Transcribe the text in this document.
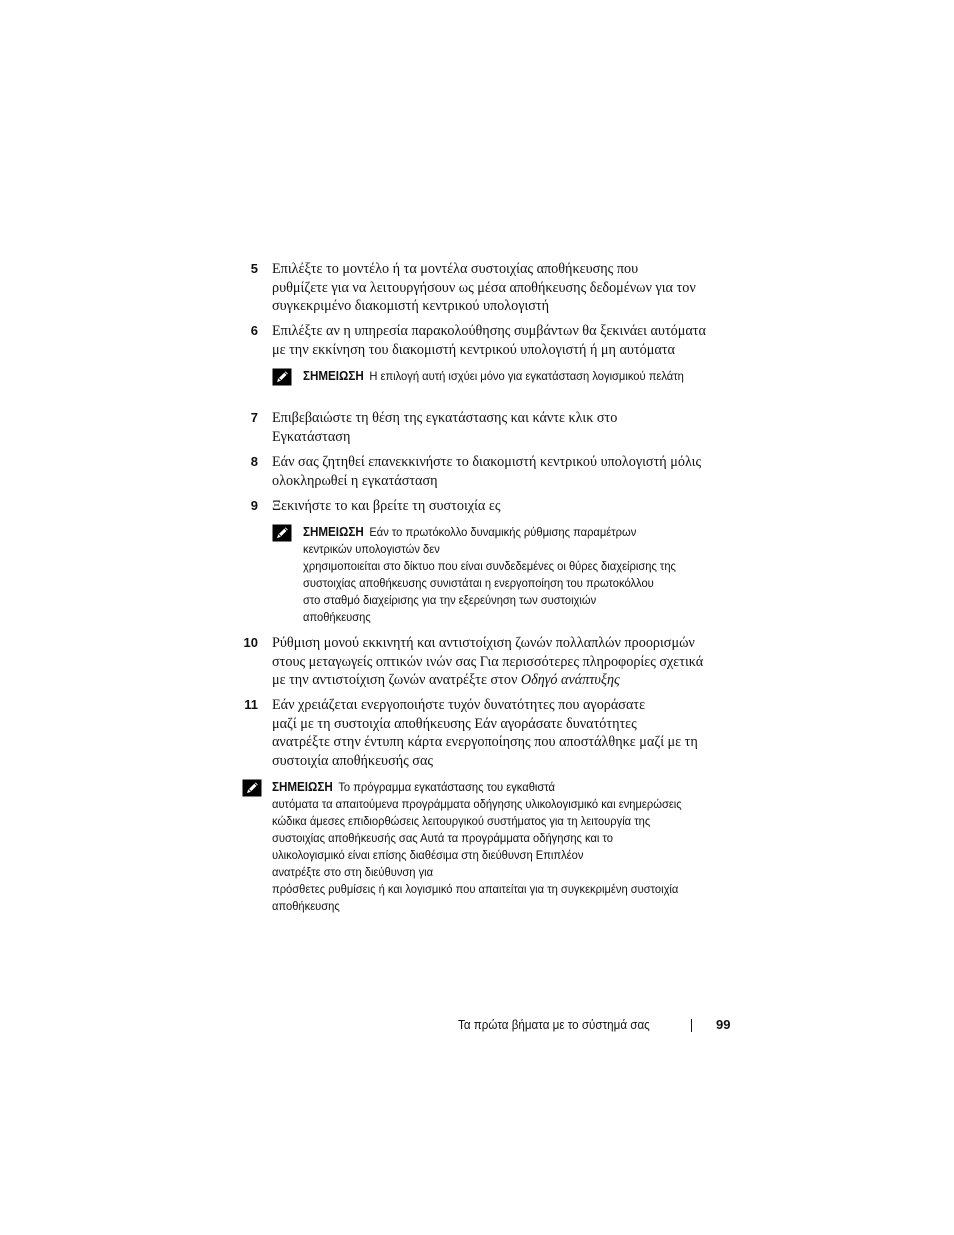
5 Επιλέξτε το μοντέλο ή τα μοντέλα συστοιχίας αποθήκευσης που
ρυθμίζετε για να λειτουργήσουν ως μέσα αποθήκευσης δεδομένων για τον
συγκεκριμένο διακομιστή κεντρικού υπολογιστή
6 Επιλέξτε αν η υπηρεσία παρακολούθησης συμβάντων θα ξεκινάει αυτόματα
με την εκκίνηση του διακομιστή κεντρικού υπολογιστή ή μη αυτόματα
ΣΗΜΕΙΩΣΗ Η επιλογή αυτή ισχύει μόνο για εγκατάσταση λογισμικού πελάτη
7 Επιβεβαιώστε τη θέση της εγκατάστασης και κάντε κλικ στο
Εγκατάσταση
8 Εάν σας ζητηθεί επανεκκινήστε το διακομιστή κεντρικού υπολογιστή μόλις
ολοκληρωθεί η εγκατάσταση
9 Ξεκινήστε το και βρείτε τη συστοιχία ες
ΣΗΜΕΙΩΣΗ Εάν το πρωτόκολλο δυναμικής ρύθμισης παραμέτρων
κεντρικών υπολογιστών δεν
χρησιμοποιείται στο δίκτυο που είναι συνδεδεμένες οι θύρες διαχείρισης της
συστοιχίας αποθήκευσης συνιστάται η ενεργοποίηση του πρωτοκόλλου
στο σταθμό διαχείρισης για την εξερεύνηση των συστοιχιών
αποθήκευσης
10 Ρύθμιση μονού εκκινητή και αντιστοίχιση ζωνών πολλαπλών προορισμών
στους μεταγωγείς οπτικών ινών σας Για περισσότερες πληροφορίες σχετικά
με την αντιστοίχιση ζωνών ανατρέξτε στον Οδηγό ανάπτυξης
11 Εάν χρειάζεται ενεργοποιήστε τυχόν δυνατότητες που αγοράσατε
μαζί με τη συστοιχία αποθήκευσης Εάν αγοράσατε δυνατότητες
ανατρέξτε στην έντυπη κάρτα ενεργοποίησης που αποστάλθηκε μαζί με τη
συστοιχία αποθήκευσής σας
ΣΗΜΕΙΩΣΗ Το πρόγραμμα εγκατάστασης του εγκαθιστά
αυτόματα τα απαιτούμενα προγράμματα οδήγησης υλικολογισμικό και ενημερώσεις
κώδικα άμεσες επιδιορθώσεις λειτουργικού συστήματος για τη λειτουργία της
συστοιχίας αποθήκευσής σας Αυτά τα προγράμματα οδήγησης και το
υλικολογισμικό είναι επίσης διαθέσιμα στη διεύθυνση Επιπλέον
ανατρέξτε στο στη διεύθυνση για
πρόσθετες ρυθμίσεις ή και λογισμικό που απαιτείται για τη συγκεκριμένη συστοιχία
αποθήκευσης
Τα πρώτα βήματα με το σύστημά σας	99
